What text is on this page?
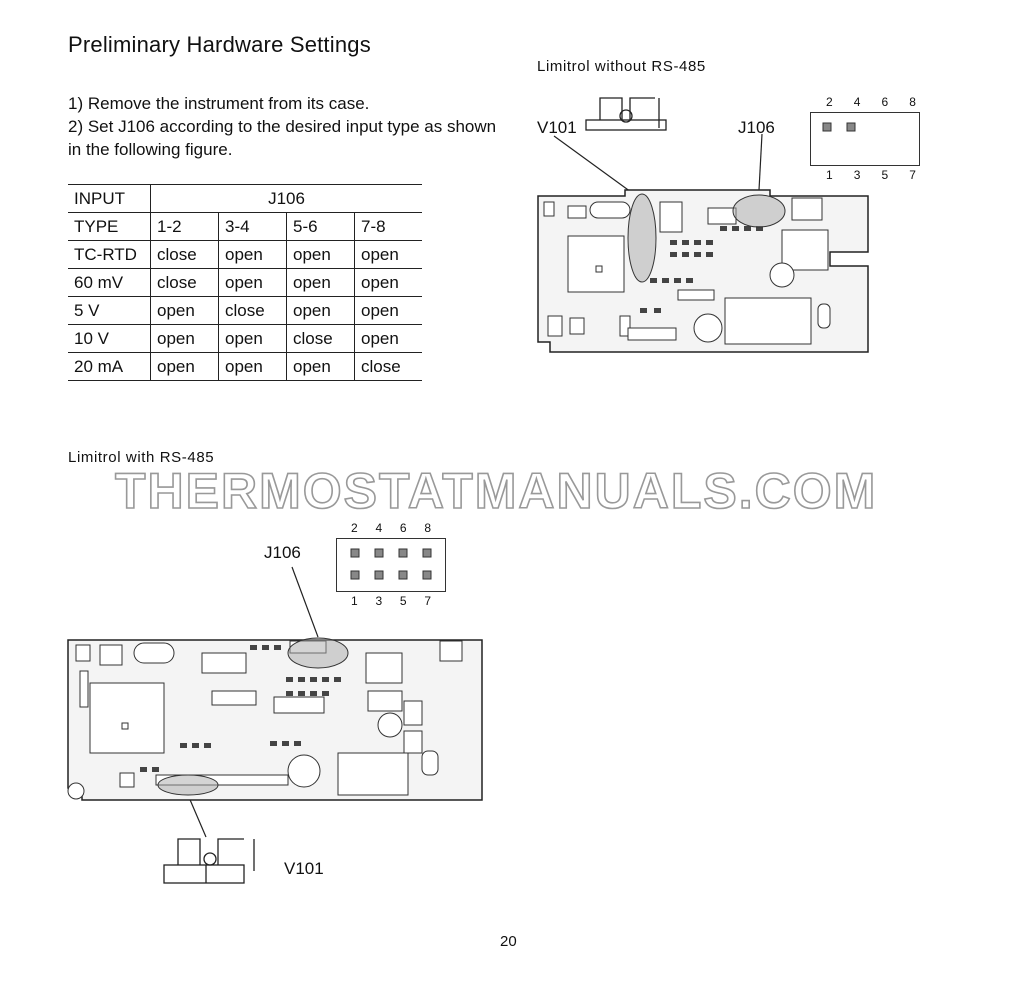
Preliminary Hardware Settings
1) Remove the instrument from its case.
2) Set J106 according to the desired input type as shown in the following figure.
INPUT	J106			
TYPE	1-2	3-4	5-6	7-8
TC-RTD	close	open	open	open
60 mV	close	open	open	open
5 V	open	close	open	open
10 V	open	open	close	open
20 mA	open	open	open	close
Limitrol without RS-485
V101	J106
2 4 6 8
1 3 5 7
Limitrol with RS-485
THERMOSTATMANUALS.COM
J106
V101
2 4 6 8
1 3 5 7
20
